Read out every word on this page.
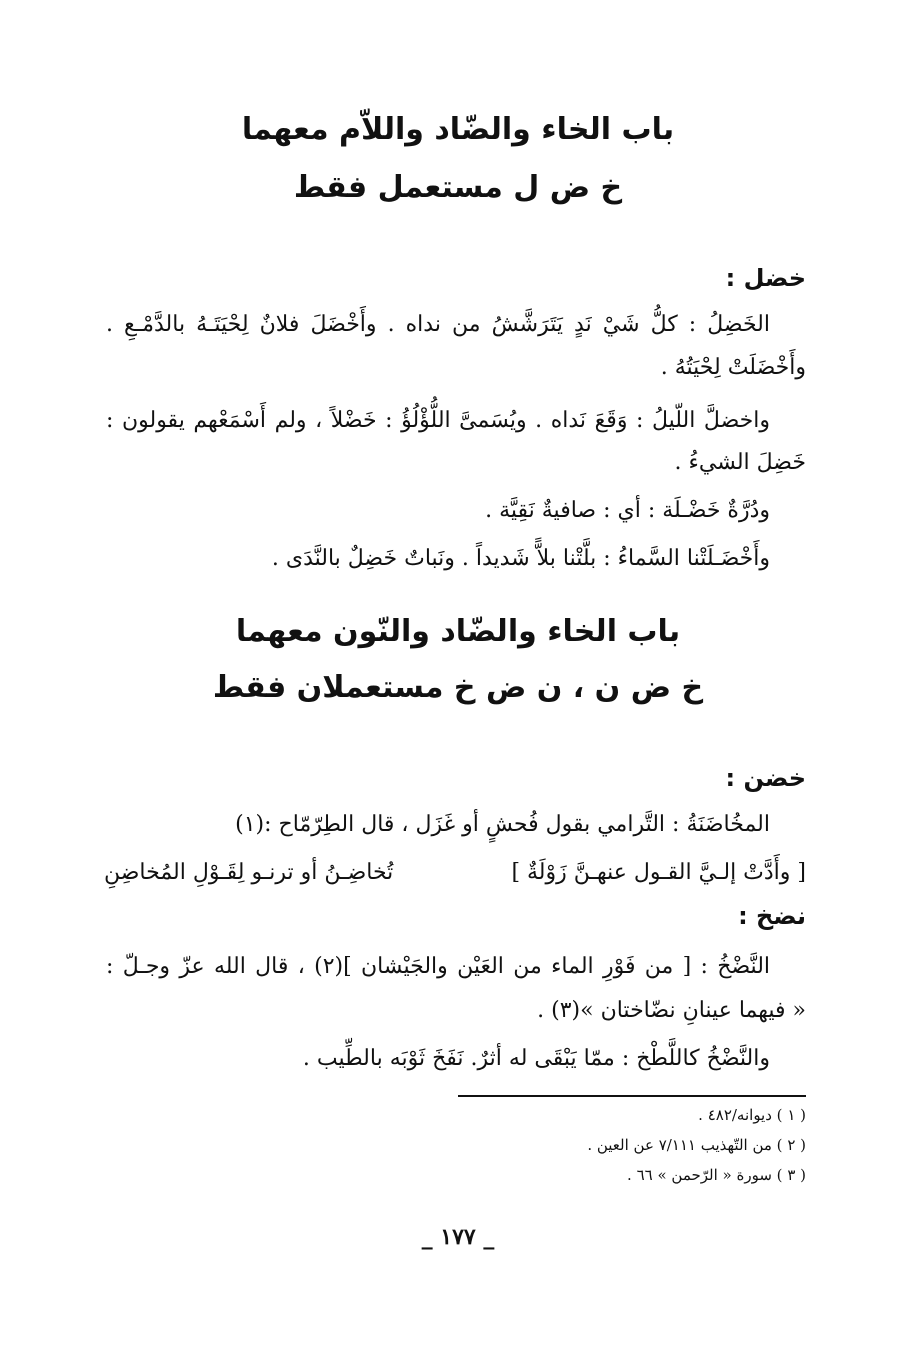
باب الخاء والضّاد واللاّم معهما
خ ض ل مستعمل فقط
خضل :
الخَضِلُ : كلُّ شَيْ نَدٍ يَتَرَشَّشُ من نداه . وأَخْضَلَ فلانٌ لِحْيَتَـهُ بالدَّمْـعِ .
وأَخْضَلَتْ لِحْيَتُهُ .
واخضلَّ اللّيلُ : وَقَعَ نَداه . ويُسَمىَّ اللُّؤْلُؤُ : خَضْلاً ، ولم أَسْمَعْهم يقولون :
خَضِلَ الشيءُ .
ودُرَّةٌ خَضْـلَة : أي : صافيةٌ نَقِيَّة .
وأَخْضَـلَتْنا السَّماءُ : بلَّتْنا بلاًّ شَديداً . ونَباتٌ خَضِلٌ بالنَّدَى .
باب الخاء والضّاد والنّون معهما
خ ض ن ، ن ض خ مستعملان فقط
خضن :
المخُاضَنَةُ : التَّرامي بقول فُحشٍ أو غَزَل ، قال الطِرّمّاح :(١)
[ وأَدَّتْ إلـيَّ القـول عنهـنَّ زَوْلَةٌ ]
تُخاضِـنُ أو ترنـو لِقَـوْلِ المُخاضِنِ
نضخ :
النَّضْخُ : [ من فَوْرِ الماء من العَيْن والجَيْشان ](٢) ، قال الله عزّ وجـلّ :
« فيهما عينانِ نضّاختان »(٣) .
والنَّضْخُ كاللَّطْخ : ممّا يَبْقَى له أثرٌ. نَفَخَ ثَوْبَه بالطِّيب .
( ١ ) ديوانه/٤٨٢ .
( ٢ ) من التّهذيب ٧/١١١ عن العين .
( ٣ ) سورة « الرّحمن » ٦٦ .
_ ١٧٧ _
